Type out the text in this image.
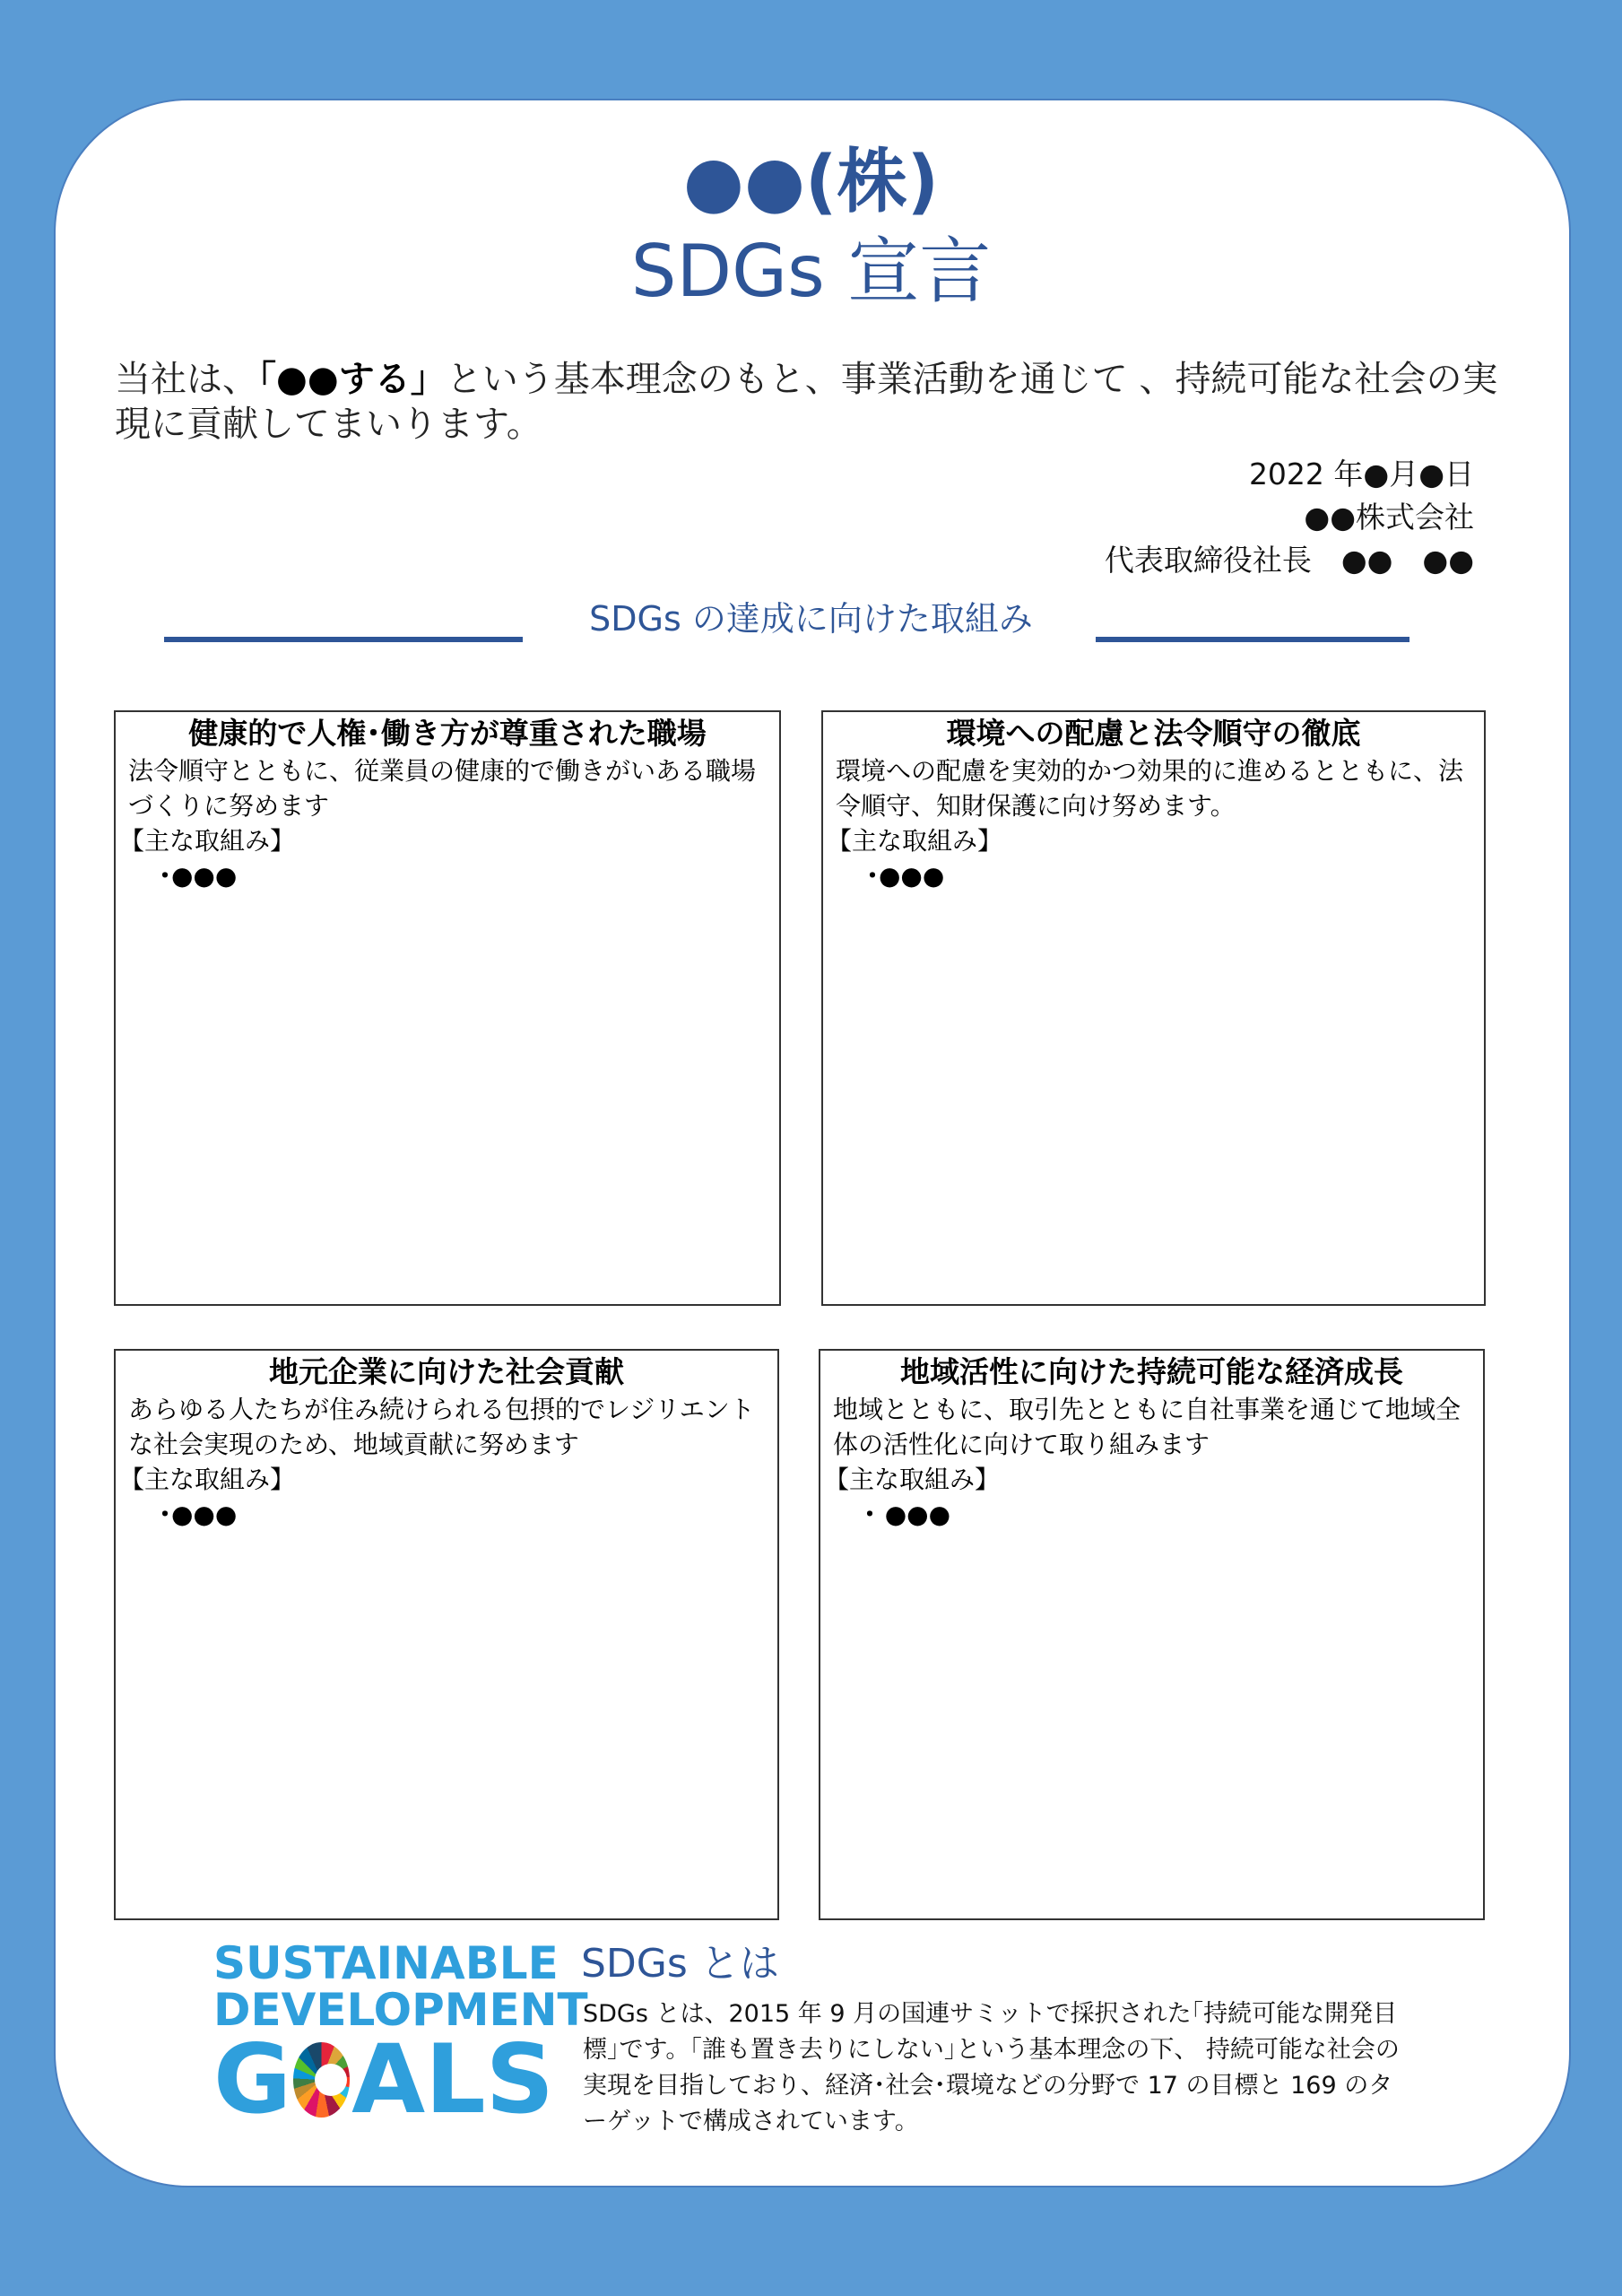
●●(株)
SDGs 宣言
当社は、「●●する」という基本理念のもと、事業活動を通じて 、持続可能な社会の実現に貢献してまいります。
2022 年●月●日
●●株式会社
代表取締役社長　●●　●●
SDGs の達成に向けた取組み
健康的で人権･働き方が尊重された職場
法令順守とともに、従業員の健康的で働きがいある職場づくりに努めます
【主な取組み】
･●●●
環境への配慮と法令順守の徹底
環境への配慮を実効的かつ効果的に進めるとともに、法令順守、知財保護に向け努めます。
【主な取組み】
･●●●
地元企業に向けた社会貢献
あらゆる人たちが住み続けられる包摂的でレジリエントな社会実現のため、地域貢献に努めます
【主な取組み】
･●●●
地域活性に向けた持続可能な経済成長
地域とともに、取引先とともに自社事業を通じて地域全体の活性化に向けて取り組みます
【主な取組み】
･ ●●●
SUSTAINABLE
DEVELOPMENT
G ALS
SDGs とは
SDGs とは、2015 年 9 月の国連サミットで採択された｢持続可能な開発目標｣です。｢誰も置き去りにしない｣という基本理念の下、 持続可能な社会の実現を目指しており、経済･社会･環境などの分野で 17 の目標と 169 のターゲットで構成されています。
